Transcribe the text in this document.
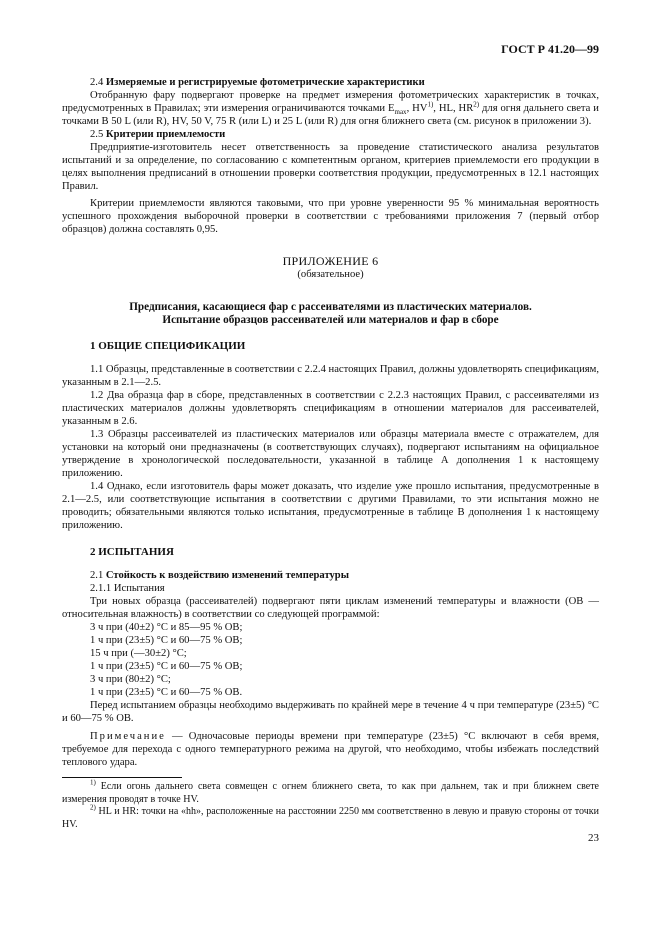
ГОСТ Р 41.20—99

2.4 Измеряемые и регистрируемые фотометрические характеристики

Отобранную фару подвергают проверке на предмет измерения фотометрических характеристик в точках, предусмотренных в Правилах; эти измерения ограничиваются точками $E_{max}$, HV$^{1)}$, HL, HR$^{2)}$ для огня дальнего света и точками B 50 L (или R), HV, 50 V, 75 R (или L) и 25 L (или R) для огня ближнего света (см. рисунок в приложении 3).

2.5 Критерии приемлемости

Предприятие-изготовитель несет ответственность за проведение статистического анализа результатов испытаний и за определение, по согласованию с компетентным органом, критериев приемлемости его продукции в целях выполнения предписаний в отношении проверки соответствия продукции, предусмотренных в 12.1 настоящих Правил.

Критерии приемлемости являются таковыми, что при уровне уверенности 95 % минимальная вероятность успешного прохождения выборочной проверки в соответствии с требованиями приложения 7 (первый отбор образцов) должна составлять 0,95.

ПРИЛОЖЕНИЕ 6

(обязательное)

Предписания, касающиеся фар с рассеивателями из пластических материалов.

Испытание образцов рассеивателей или материалов и фар в сборе

1 ОБЩИЕ СПЕЦИФИКАЦИИ

1.1 Образцы, представленные в соответствии с 2.2.4 настоящих Правил, должны удовлетворять спецификациям, указанным в 2.1—2.5.

1.2 Два образца фар в сборе, представленных в соответствии с 2.2.3 настоящих Правил, с рассеивателями из пластических материалов должны удовлетворять спецификациям в отношении материалов для рассеивателей, указанным в 2.6.

1.3 Образцы рассеивателей из пластических материалов или образцы материала вместе с отражателем, для установки на который они предназначены (в соответствующих случаях), подвергают испытаниям на официальное утверждение в хронологической последовательности, указанной в таблице А дополнения 1 к настоящему приложению.

1.4 Однако, если изготовитель фары может доказать, что изделие уже прошло испытания, предусмотренные в 2.1—2.5, или соответствующие испытания в соответствии с другими Правилами, то эти испытания можно не проводить; обязательными являются только испытания, предусмотренные в таблице В дополнения 1 к настоящему приложению.

2 ИСПЫТАНИЯ

2.1 Стойкость к воздействию изменений температуры

2.1.1 Испытания

Три новых образца (рассеивателей) подвергают пяти циклам изменений температуры и влажности (ОВ — относительная влажность) в соответствии со следующей программой:

3 ч при (40±2) °С и 85—95 % ОВ;

1 ч при (23±5) °С и 60—75 % ОВ;

15 ч при (—30±2) °С;

1 ч при (23±5) °С и 60—75 % ОВ;

3 ч при (80±2) °С;

1 ч при (23±5) °С и 60—75 % ОВ.

Перед испытанием образцы необходимо выдерживать по крайней мере в течение 4 ч при температуре (23±5) °С и 60—75 % ОВ.

Примечание — Одночасовые периоды времени при температуре (23±5) °С включают в себя время, требуемое для перехода с одного температурного режима на другой, что необходимо, чтобы избежать последствий теплового удара.

$^{1)}$ Если огонь дальнего света совмещен с огнем ближнего света, то как при дальнем, так и при ближнем свете измерения проводят в точке HV.

$^{2)}$ HL и HR: точки на «hh», расположенные на расстоянии 2250 мм соответственно в левую и правую стороны от точки HV.

23
